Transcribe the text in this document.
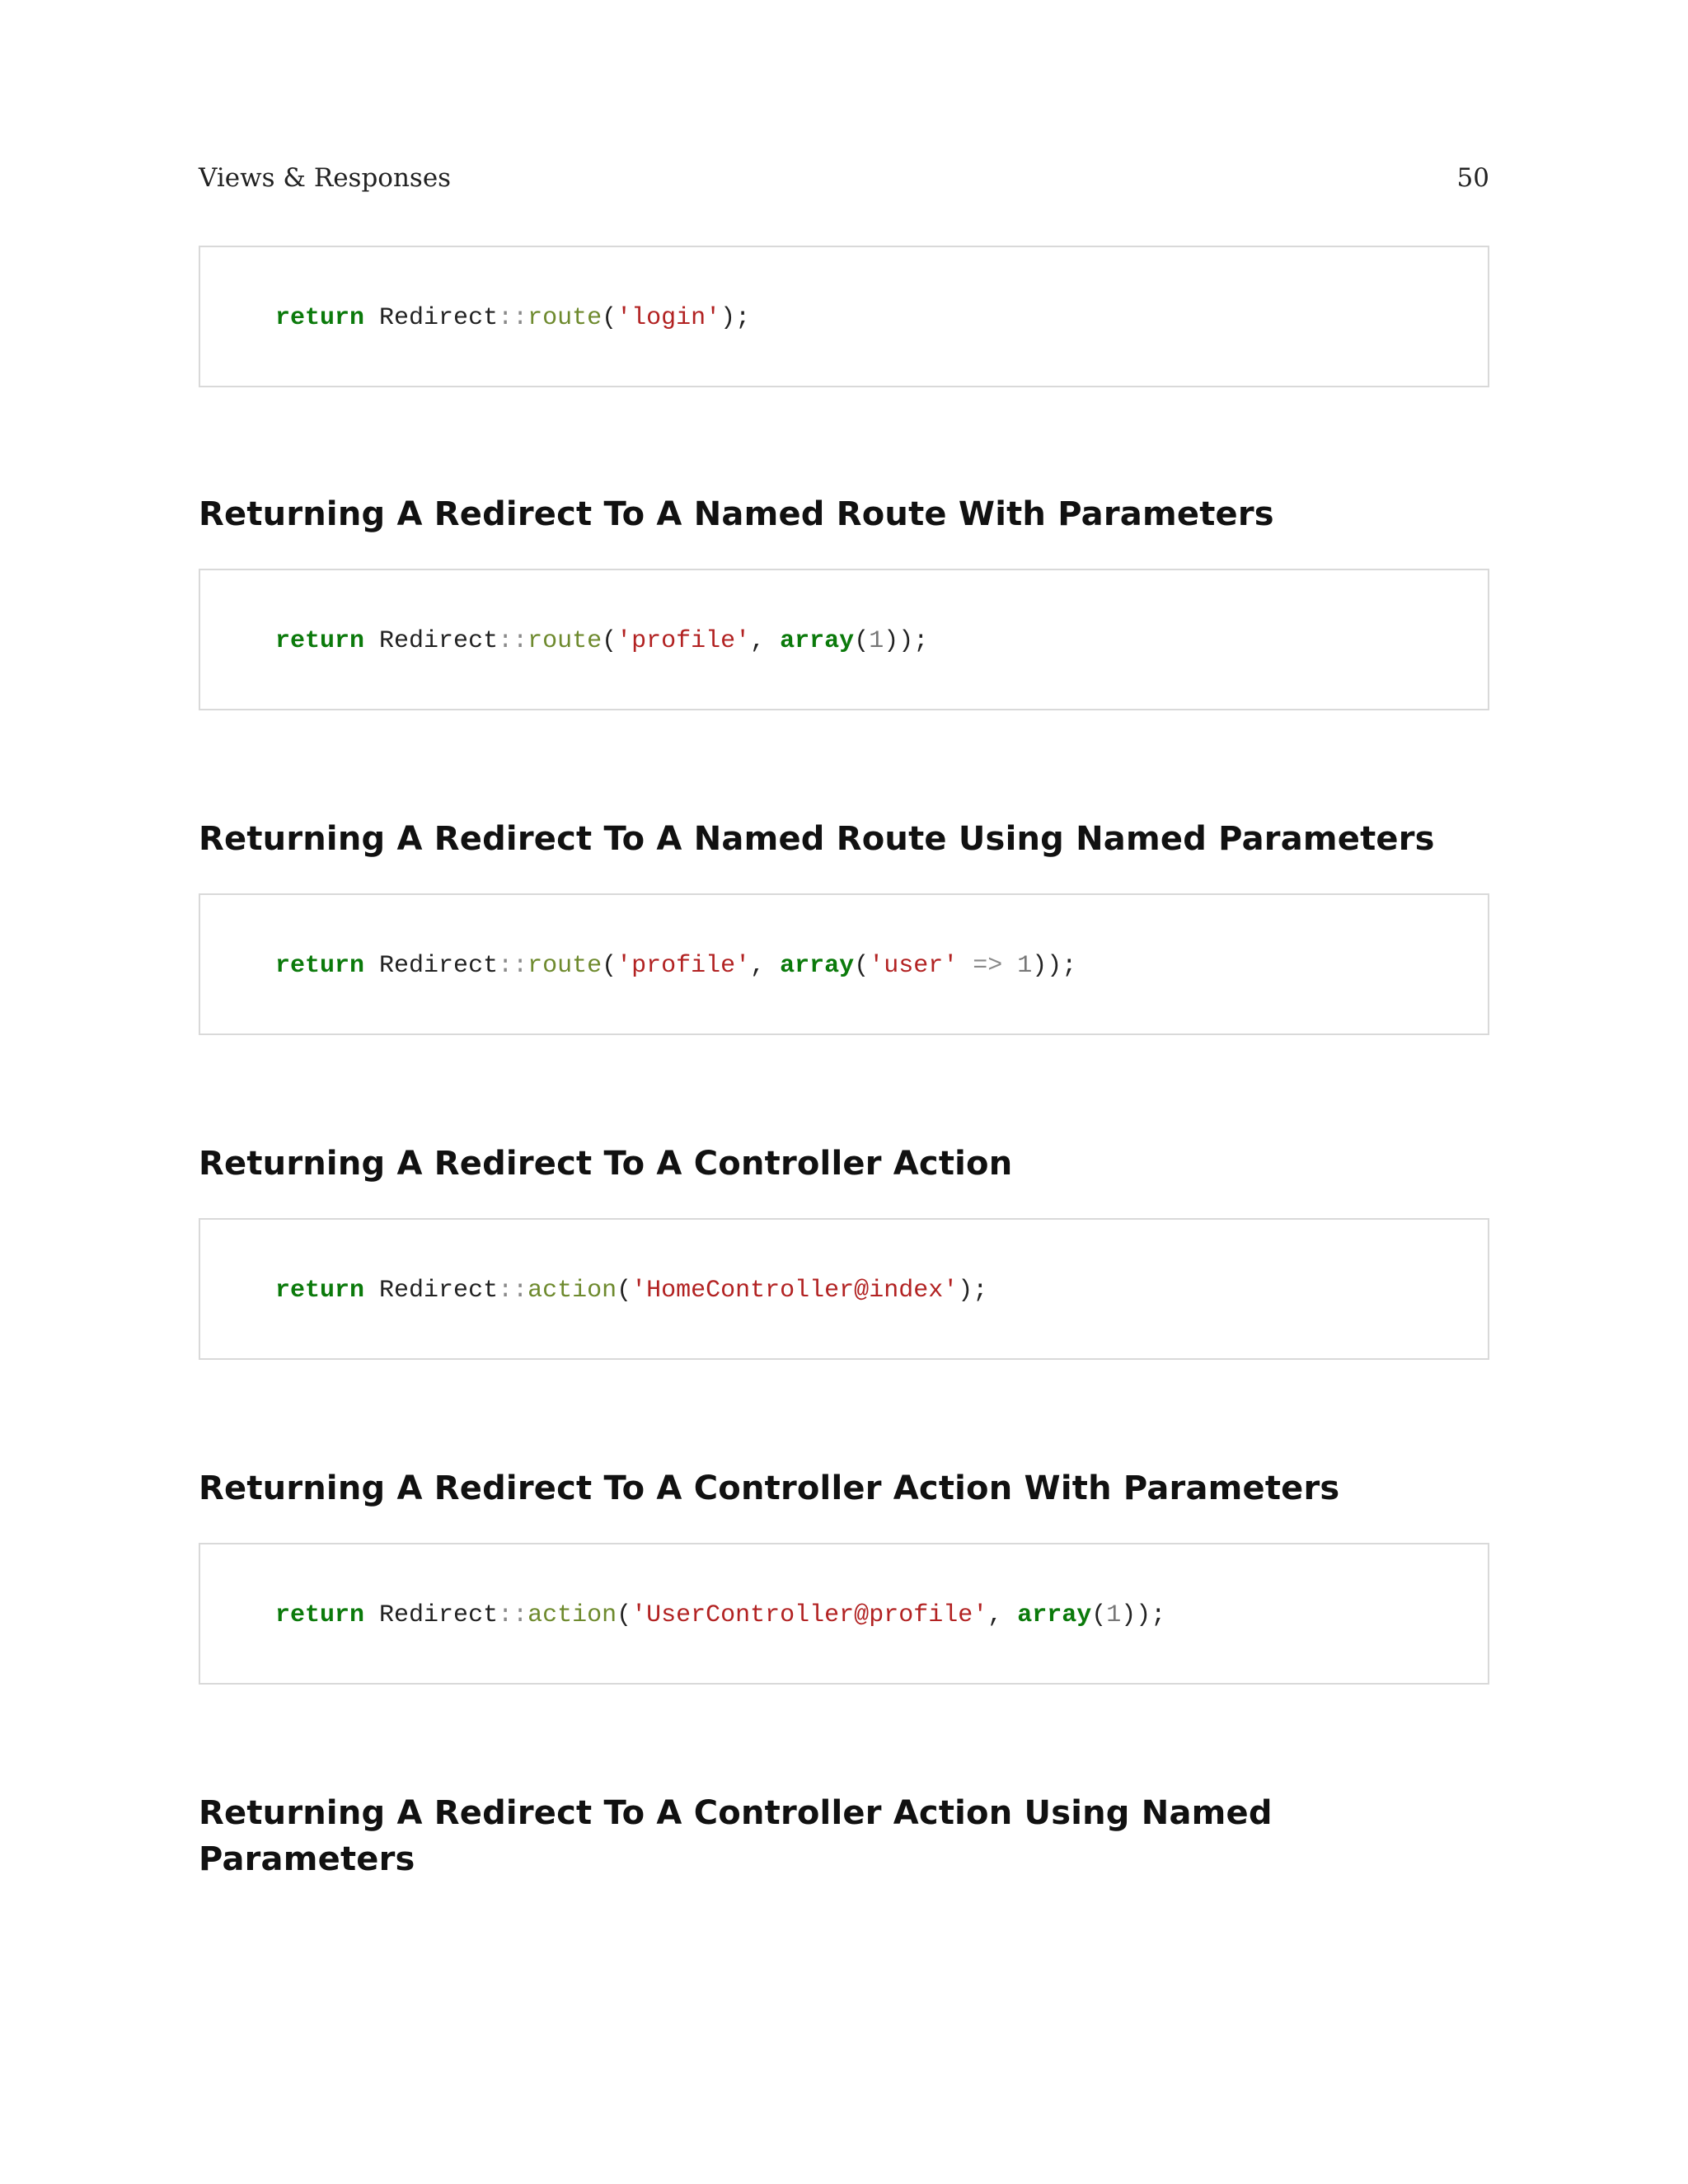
Views & Responses	50
return
Redirect :: route ( 'login' );
Returning A Redirect To A Named Route With Parameters
return
Redirect :: route ( 'profile' , array ( 1 ));
Returning A Redirect To A Named Route Using Named Parameters
return
Redirect :: route ( 'profile' , array ( 'user' => 1 ));
Returning A Redirect To A Controller Action
return
Redirect :: action ( 'HomeController@index' );
Returning A Redirect To A Controller Action With Parameters
return
Redirect :: action ( 'UserController@profile' , array ( 1 ));
Returning A Redirect To A Controller Action Using Named Parameters
